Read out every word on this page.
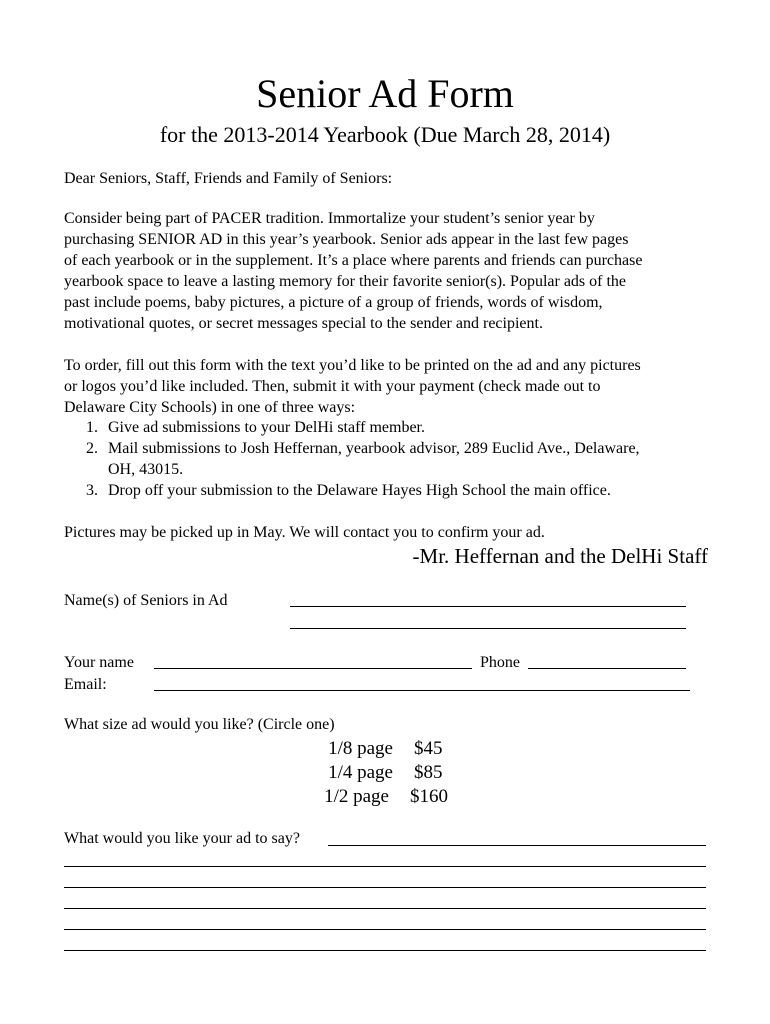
Senior Ad Form
for the 2013-2014 Yearbook (Due March 28, 2014)
Dear Seniors, Staff, Friends and Family of Seniors:
Consider being part of PACER tradition. Immortalize your student’s senior year by
purchasing SENIOR AD in this year’s yearbook. Senior ads appear in the last few pages
of each yearbook or in the supplement. It’s a place where parents and friends can purchase
yearbook space to leave a lasting memory for their favorite senior(s). Popular ads of the
past include poems, baby pictures, a picture of a group of friends, words of wisdom,
motivational quotes, or secret messages special to the sender and recipient.
To order, fill out this form with the text you’d like to be printed on the ad and any pictures
or logos you’d like included. Then, submit it with your payment (check made out to
Delaware City Schools) in one of three ways:
1. Give ad submissions to your DelHi staff member.
2. Mail submissions to Josh Heffernan, yearbook advisor, 289 Euclid Ave., Delaware,
OH, 43015.
3. Drop off your submission to the Delaware Hayes High School the main office.
Pictures may be picked up in May. We will contact you to confirm your ad.
-Mr. Heffernan and the DelHi Staff
Name(s) of Seniors in Ad
Your name	Phone
Email:
What size ad would you like? (Circle one)
1/8 page $45
1/4 page $85
1/2 page $160
What would you like your ad to say?
